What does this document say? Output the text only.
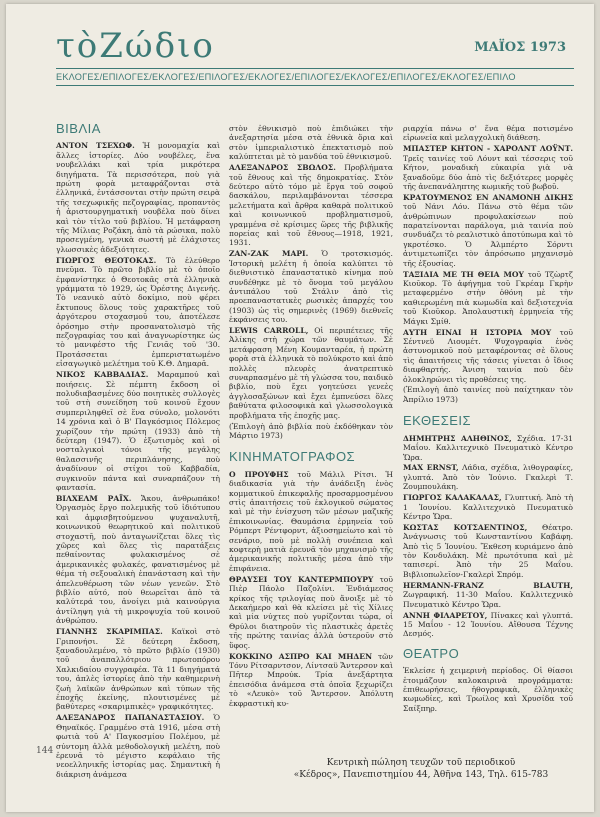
τὸΖώδιο	ΜΑΪΟΣ 1973
ΕΚΛΟΓΕΣ/ΕΠΙΛΟΓΕΣ/ΕΚΛΟΓΕΣ/ΕΠΙΛΟΓΕΣ/ΕΚΛΟΓΕΣ/ΕΠΙΛΟΓΕΣ/ΕΚΛΟΓΕΣ/ΕΠΙΛΟΓΕΣ/ΕΚΛΟΓΕΣ/ΕΠΙΛΟ
ΒΙΒΛΙΑ

ΑΝΤΟΝ ΤΣΕΧΩΦ. Ἡ μονομαχία καὶ ἄλλες ἱστορίες. Δύο νουβέλες, ἕνα νουβελλάκι καὶ τρία μικρότερα διηγήματα. Τὰ περισσότερα, ποὺ γιὰ πρώτη φορὰ μεταφράζονται στὰ ἑλληνικά, ἐντάσσονται στὴν πρώτη σειρὰ τῆς τσεχωφικῆς πεζογραφίας, προπαντὸς ἡ ἀριστουργηματικὴ νουβέλα ποὺ δίνει καὶ τὸν τίτλο τοῦ βιβλίου. Ἡ μετάφραση τῆς Μίλιας Ροζάκη, ἀπὸ τὰ ρώσικα, πολὺ προσεγμένη, γενικὰ σωστή μὲ ἐλάχιστες γλωσσικὲς ἀδεξιότητες.

ΓΙΩΡΓΟΣ ΘΕΟΤΟΚΑΣ. Τὸ ἐλεύθερο πνεῦμα. Τὸ πρῶτο βιβλίο μὲ τὸ ὁποῖο ἐμφανίστηκε ὁ Θεοτοκᾶς στὰ ἑλληνικὰ γράμματα τὸ 1929, ὡς Ὀρέστης Διγενής. Τὸ νεανικὸ αὐτὸ δοκίμιο, ποὺ φέρει ἔκτυπους ὅλους τοὺς χαρακτῆρες τοῦ ἀργότερου στοχασμοῦ του, ἀποτέλεσε ὁρόσημο στὴν προσανατολισμὸ τῆς πεζογραφίας του καὶ ἀναγνωρίστηκε ὡς τὸ μανιφέστο τῆς Γενιᾶς τοῦ '30. Προτάσσεται ἐμπεριστατωμένο εἰσαγωγικὸ μελέτημα τοῦ Κ.Θ. Δημαρᾶ.

ΝΙΚΟΣ ΚΑΒΒΑΔΙΑΣ. Μαραμπού καὶ ποιήσεις. Σὲ πέμπτη ἔκδοση οἱ πολυδιαβασμένες δύο ποιητικὲς συλλογὲς τοῦ στὴ συνείδηση τοῦ κοινοῦ ἔχουν συμπεριληφθεῖ σὲ ἕνα σύνολο, μολονότι 14 χρόνια καὶ ὁ Β' Παγκόσμιος Πόλεμος χωρίζουν τὴν πρώτη (1933) ἀπὸ τὴ δεύτερη (1947). Ὁ ἐξωτισμὸς καὶ οἱ νοσταλγικοὶ τόνοι τῆς μεγάλης θαλασσινῆς περιπλάνησης, ποὺ ἀναδίνουν οἱ στίχοι τοῦ Καββαδία, συγκινοῦν πάντα καὶ συναρπάζουν τὴ φαντασία.

ΒΙΛΧΕΛΜ ΡΑΪΧ. Ἄκου, ἀνθρωπάκο! Ὀργασμὸς ἔργο πολεμικῆς τοῦ ἰδιότυπου καὶ ἀμφισβητούμενου ψυχαναλυτῆ, κοινωνικοῦ θεωρητικοῦ καὶ πολιτικοῦ στοχαστῆ, ποὺ ἀνταγωνίζεται ὅλες τὶς χῶρες καὶ ὅλες τὶς παρατάξεις πεθαίνοντας φυλακισμένος σὲ ἀμερικανικὲς φυλακές, φανατισμένος μὲ θέμα τὴ σεξουαλικὴ ἐπανάσταση καὶ τὴν ἀπελευθέρωση τῶν νέων γενεῶν. Στὸ βιβλίο αὐτό, ποὺ θεωρεῖται ἀπὸ τὰ καλύτερά του, ἀνοίγει μιὰ καινούργια ἀντίληψη γιὰ τὴ μικροψυχία τοῦ κοινοῦ ἀνθρώπου.

ΓΙΑΝΝΗΣ ΣΚΑΡΙΜΠΑΣ. Καϊκοὶ στὸ Γριπονήσι. Σὲ δεύτερη ἔκδοση, ξαναδουλεμένο, τὸ πρῶτο βιβλίο (1930) τοῦ ἀναπαλλότριου πρωτοπόρου Χαλκιδαίου συγγραφέα. Τὰ 11 διηγήματά του, ἀπλὲς ἱστορίες ἀπὸ τὴν καθημερινὴ ζωὴ λαϊκῶν ἀνθρώπων καὶ τύπων τῆς ἐποχῆς ἐκείνης, πλουτισμένες μὲ βαθύτερες «σκαριμπικὲς» γραφικότητες.

ΑΛΕΞΑΝΔΡΟΣ ΠΑΠΑΝΑΣΤΑΣΙΟΥ. Ὁ Θηναϊκός. Γραμμένο στὰ 1916, μέσα στὴ φωτιὰ τοῦ Α' Παγκοσμίου Πολέμου, μὲ σύντομη ἀλλὰ μεθοδολογικὴ μελέτη, ποὺ ἐρευνᾶ τὸ μέγιστο κεφάλαιο τῆς νεοελληνικῆς ἱστορίας μας. Σημαντικὴ ἡ διάκριση ἀνάμεσα

στὸν ἐθνικισμὸ ποὺ ἐπιδιώκει τὴν ἀνεξαρτησία μέσα στὰ ἐθνικὰ ὅρια καὶ στὸν ἰμπεριαλιστικὸ ἐπεκτατισμὸ ποὺ καλύπτεται μὲ τὸ μανδύα τοῦ ἐθνικισμοῦ.

ΑΛΕΞΑΝΔΡΟΣ ΣΒΩΛΟΣ. Προβλήματα τοῦ ἔθνους καὶ τῆς δημοκρατίας. Στὸν δεύτερο αὐτὸ τόμο μὲ ἔργα τοῦ σοφοῦ δασκάλου, περιλαμβάνονται τέσσερα μελετήματα καὶ ἄρθρα καθαρὰ πολιτικοῦ καὶ κοινωνικοῦ προβληματισμοῦ, γραμμένα σὲ κρίσιμες ὥρες τῆς βιβλικῆς πορείας καὶ τοῦ ἔθνους—1918, 1921, 1931.

ΖΑΝ-ΖΑΚ ΜΑΡΙ. Ὁ τροτσκισμός. Ἱστορικὴ μελέτη ἡ ὁποία καλύπτει τὸ διεθνιστικὸ ἐπαναστατικὸ κίνημα ποὺ συνδέθηκε μὲ τὸ ὄνομα τοῦ μεγάλου ἀντιπάλου τοῦ Στάλιν ἀπὸ τὶς προεπαναστατικὲς ρωσικὲς ἀπαρχές του (1903) ὡς τὶς σημερινὲς (1969) διεθνεῖς ἐκφάνσεις του.

LEWIS CARROLL, Οἱ περιπέτειες τῆς Ἀλίκης στὴ χώρα τῶν θαυμάτων. Σὲ μετάφραση Μένη Κουμανταρέα, ἡ πρώτη φορὰ στὰ ἑλληνικὰ τὸ πολύκροτο καὶ ἀπὸ πολλὲς πλευρὲς ἀνατρεπτικὸ συναρπασμένο μὲ τὴ γλώσσα του, παιδικὸ βιβλίο, ποὺ ἔχει γοητεύσει γενεὲς ἀγγλοσαξώνων καὶ ἔχει ἐμπνεύσει ὅλες βαθύτατα φιλοσοφικὰ καὶ γλωσσολογικὰ προβλήματα τῆς ἐποχῆς μας.

(Ἐπιλογὴ ἀπὸ βιβλία ποὺ ἐκδόθηκαν τὸν Μάρτιο 1973)

ΚΙΝΗΜΑΤΟΓΡΑΦΟΣ

Ο ΠΡΟΥΦΗΣ τοῦ Μάλιλ Ρίτσι. Ἡ διαδικασία γιὰ τὴν ἀνάδειξη ἑνὸς κομματικοῦ ἐπικεφαλῆς προσαρμοσμένου στὶς ἀπαιτήσεις τοῦ ἐκλογικοῦ σώματος καὶ μὲ τὴν ἐνίσχυση τῶν μέσων μαζικῆς ἐπικοινωνίας. Θαυμάσια ἑρμηνεία τοῦ Ρόμπερτ Ρέντφορντ, ἀξιοσημείωτο καὶ τὸ σενάριο, ποὺ μὲ πολλὴ συνέπεια καὶ κοφτερὴ ματιὰ ἐρευνᾶ τὸν μηχανισμὸ τῆς ἀμερικανικῆς πολιτικῆς μέσα ἀπὸ τὴν ἐπιφάνεια.

ΘΡΑΥΣΕΙ ΤΟΥ ΚΑΝΤΕΡΜΠΟΥΡΥ τοῦ Πιὲρ Πάολο Παζολίνι. Ἐνδιάμεσος κρίκος τῆς τριλογίας ποὺ ἄνοιξε μὲ τὸ Δεκαήμερο καὶ θὰ κλείσει μὲ τὶς Χίλιες καὶ μία νύχτες ποὺ γυρίζονται τώρα, οἱ Θρύλοι διατηροῦν τὶς πλαστικὲς ἀρετὲς τῆς πρώτης ταινίας ἀλλὰ ὑστεροῦν στὸ ὕφος.

ΚΟΚΚΙΝΟ ΑΣΠΡΟ ΚΑΙ ΜΗΔΕΝ τῶν Τόνυ Ρίτσαρντσον, Λίντσαϋ Ἄντερσον καὶ Πῆτερ Μπρούκ. Τρία ἀνεξάρτητα ἐπεισόδια ἀνάμεσα στὰ ὁποῖα ξεχωρίζει τὸ «Λευκὸ» τοῦ Ἄντερσον. Ἀπόλυτη ἐκφραστικὴ κυ-

ριαρχία πάνω σ' ἕνα θέμα ποτισμένο εἰρωνεία καὶ μελαγχολικὴ διάθεση.

ΜΠΑΣΤΕΡ ΚΗΤΟΝ - ΧΑΡΟΛΝΤ ΛΟΫΝΤ. Τρεῖς ταινίες τοῦ Λόυντ καὶ τέσσερις τοῦ Κήτον, μοναδικὴ εὐκαιρία γιὰ νὰ ξαναδοῦμε δύο ἀπὸ τὶς δεξιότερες μορφὲς τῆς ἀνεπανάληπτης κωμικῆς τοῦ βωβοῦ.

ΚΡΑΤΟΥΜΕΝΟΣ ΕΝ ΑΝΑΜΟΝΗ ΔΙΚΗΣ τοῦ Νάνι Λόυ. Πάνω στὸ θέμα τῶν ἀνθρώπινων προφυλακίσεων ποὺ παρατείνονται παράλογα, μιὰ ταινία ποὺ συνδυάζει τὸ ρεαλιστικὸ ἀποτύπωμα καὶ τὸ γκροτέσκο. Ὁ Ἀλμπέρτο Σόρντι ἀντιμετωπίζει τὸν ἀπρόσωπο μηχανισμὸ τῆς ἐξουσίας.

ΤΑΞΙΔΙΑ ΜΕ ΤΗ ΘΕΙΑ ΜΟΥ τοῦ Τζὼρτζ Κιοῦκορ. Τὸ ἀφήγημα τοῦ Γκρέαμ Γκρὴν μεταφερμένο στὴν ὀθόνη μὲ τὴν καθιερωμένη πιὰ κωμωδία καὶ δεξιοτεχνία τοῦ Κιοῦκορ. Ἀπολαυστικὴ ἑρμηνεία τῆς Μάγκι Σμίθ.

ΑΥΤΗ ΕΙΝΑΙ Η ΙΣΤΟΡΙΑ ΜΟΥ τοῦ Σέντνεϋ Λιουμέτ. Ψυχογραφία ἑνὸς ἀστυνομικοῦ ποὺ μεταφέροντας σὲ ὅλους τὶς ἀπαιτήσεις τῆς τάσεις γίνεται ὁ ἴδιος διαφθαρτής. Ἀνιση ταινία ποὺ δὲν ὁλοκληρώνει τὶς προθέσεις της.

(Ἐπιλογὴ ἀπὸ ταινίες ποὺ παίχτηκαν τὸν Ἀπρίλιο 1973)

ΕΚΘΕΣΕΙΣ

ΔΗΜΗΤΡΗΣ ΑΛΗΘΙΝΟΣ, Σχέδια. 17-31 Μαΐου. Καλλιτεχνικὸ Πνευματικὸ Κέντρο Ὥρα.

MAX ERNST, Λάδια, σχέδια, λιθογραφίες, γλυπτά. Ἀπὸ τὸν Ἰούνιο. Γκαλερὶ Τ. Ζουμπουλάκη.

ΓΙΩΡΓΟΣ ΚΑΛΑΚΑΛΑΣ, Γλυπτική. Ἀπὸ τὴ 1 Ἰουνίου. Καλλιτεχνικὸ Πνευματικὸ Κέντρο Ὥρα.

ΚΩΣΤΑΣ ΚΟΤΣΑΕΝΤΙΝΟΣ, Θέατρο. Ἀνάγνωσις τοῦ Κωνσταντίνου Καβάφη. Ἀπὸ τὶς 5 Ἰουνίου. Ἔκθεση κυριάμενο ἀπὸ τὸν Κονδυλάκη. Μὲ πρωτότυπα καὶ μὲ ταπισερί. Ἀπὸ τὴν 25 Μαΐου. Βιβλιοπωλεῖον-Γκαλερὶ Σπρόμ.

HERMANN-FRANZ BLAUTH, Ζωγραφική. 11-30 Μαΐου. Καλλιτεχνικὸ Πνευματικὸ Κέντρο Ὥρα.

ΑΝΝΗ ΦΙΛΑΡΕΤΟΥ, Πίνακες καὶ γλυπτά. 15 Μαΐου - 12 Ἰουνίου. Αἴθουσα Τέχνης Δεσμός.

ΘΕΑΤΡΟ

Ἐκλείσε ἡ χειμερινὴ περίοδος. Οἱ θίασοι ἑτοιμάζουν καλοκαιρινὰ προγράμματα: ἐπιθεωρήσεις, ἠθογραφικὰ, ἐλληνικὲς κωμωδίες, καὶ Τρωίλος καὶ Χρυσίδα τοῦ Σαίξπηρ.

144
Κεντρικὴ πώληση τευχῶν τοῦ περιοδικοῦ
«Κέδρος», Πανεπιστημίου 44, Ἀθῆνα 143, Τηλ. 615-783
